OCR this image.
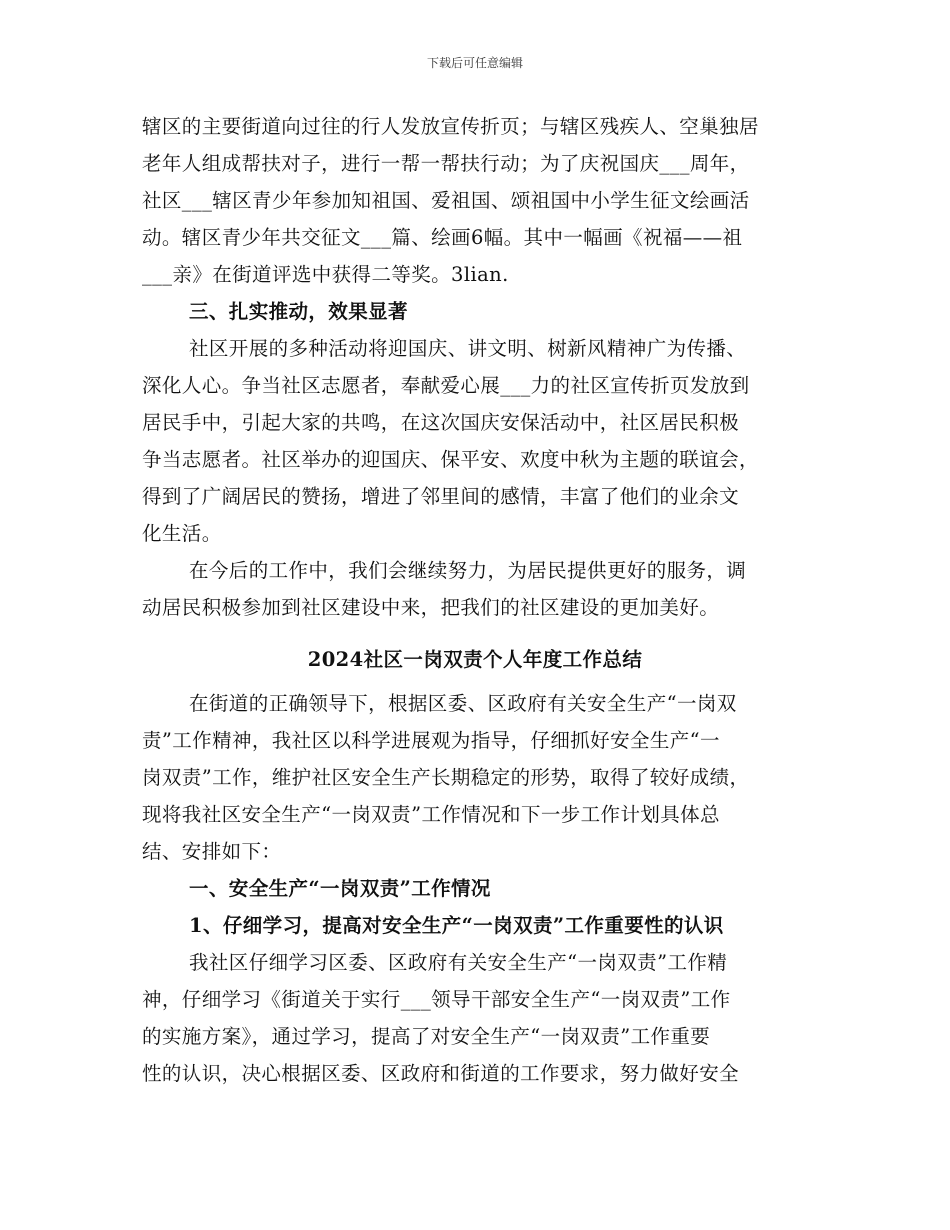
下载后可任意编辑
辖区的主要街道向过往的行人发放宣传折页；与辖区残疾人、空巢独居
老年人组成帮扶对子，进行一帮一帮扶行动；为了庆祝国庆___周年，
社区___辖区青少年参加知祖国、爱祖国、颂祖国中小学生征文绘画活
动。辖区青少年共交征文___篇、绘画6幅。其中一幅画《祝福——祖
___亲》在街道评选中获得二等奖。3lian.
三、扎实推动，效果显著
社区开展的多种活动将迎国庆、讲文明、树新风精神广为传播、
深化人心。争当社区志愿者，奉献爱心展___力的社区宣传折页发放到
居民手中，引起大家的共鸣，在这次国庆安保活动中，社区居民积极
争当志愿者。社区举办的迎国庆、保平安、欢度中秋为主题的联谊会，
得到了广阔居民的赞扬，增进了邻里间的感情，丰富了他们的业余文
化生活。
在今后的工作中，我们会继续努力，为居民提供更好的服务，调
动居民积极参加到社区建设中来，把我们的社区建设的更加美好。
2024社区一岗双责个人年度工作总结
在街道的正确领导下，根据区委、区政府有关安全生产“一岗双
责”工作精神，我社区以科学进展观为指导，仔细抓好安全生产“一
岗双责”工作，维护社区安全生产长期稳定的形势，取得了较好成绩，
现将我社区安全生产“一岗双责”工作情况和下一步工作计划具体总
结、安排如下：
一、安全生产“一岗双责”工作情况
1、仔细学习，提高对安全生产“一岗双责”工作重要性的认识
我社区仔细学习区委、区政府有关安全生产“一岗双责”工作精
神，仔细学习《街道关于实行___领导干部安全生产“一岗双责”工作
的实施方案》，通过学习，提高了对安全生产“一岗双责”工作重要
性的认识，决心根据区委、区政府和街道的工作要求，努力做好安全
